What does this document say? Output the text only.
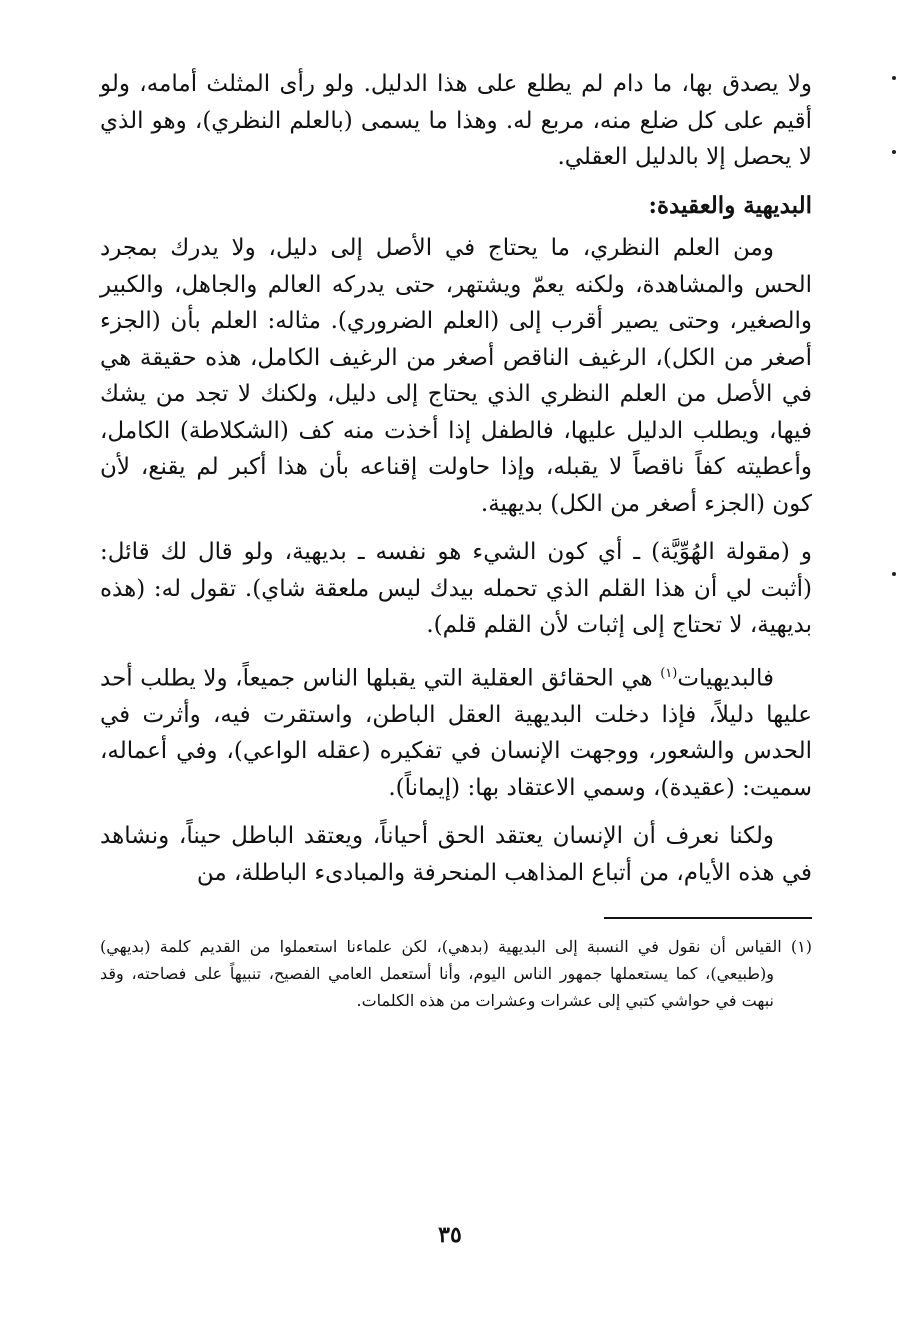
ولا يصدق بها، ما دام لم يطلع على هذا الدليل. ولو رأى المثلث أمامه، ولو أقيم على كل ضلع منه، مربع له. وهذا ما يسمى (بالعلم النظري)، وهو الذي لا يحصل إلا بالدليل العقلي.

البديهية والعقيدة:

ومن العلم النظري، ما يحتاج في الأصل إلى دليل، ولا يدرك بمجرد الحس والمشاهدة، ولكنه يعمّ ويشتهر، حتى يدركه العالم والجاهل، والكبير والصغير، وحتى يصير أقرب إلى (العلم الضروري). مثاله: العلم بأن (الجزء أصغر من الكل)، الرغيف الناقص أصغر من الرغيف الكامل، هذه حقيقة هي في الأصل من العلم النظري الذي يحتاج إلى دليل، ولكنك لا تجد من يشك فيها، ويطلب الدليل عليها، فالطفل إذا أخذت منه كف (الشكلاطة) الكامل، وأعطيته كفاً ناقصاً لا يقبله، وإذا حاولت إقناعه بأن هذا أكبر لم يقنع، لأن كون (الجزء أصغر من الكل) بديهية.

و (مقولة الهُوِّيَّة) ـ أي كون الشيء هو نفسه ـ بديهية، ولو قال لك قائل: (أثبت لي أن هذا القلم الذي تحمله بيدك ليس ملعقة شاي). تقول له: (هذه بديهية، لا تحتاج إلى إثبات لأن القلم قلم).

فالبديهيات$^{(١)}$ هي الحقائق العقلية التي يقبلها الناس جميعاً، ولا يطلب أحد عليها دليلاً، فإذا دخلت البديهية العقل الباطن، واستقرت فيه، وأثرت في الحدس والشعور، ووجهت الإنسان في تفكيره (عقله الواعي)، وفي أعماله، سميت: (عقيدة)، وسمي الاعتقاد بها: (إيماناً).

ولكنا نعرف أن الإنسان يعتقد الحق أحياناً، ويعتقد الباطل حيناً، ونشاهد في هذه الأيام، من أتباع المذاهب المنحرفة والمبادىء الباطلة، من

(١) القياس أن نقول في النسبة إلى البديهية (بدهي)، لكن علماءنا استعملوا من القديم كلمة (بديهي) و(طبيعي)، كما يستعملها جمهور الناس اليوم، وأنا أستعمل العامي الفصيح، تنبيهاً على فصاحته، وقد نبهت في حواشي كتبي إلى عشرات وعشرات من هذه الكلمات.

٣٥
